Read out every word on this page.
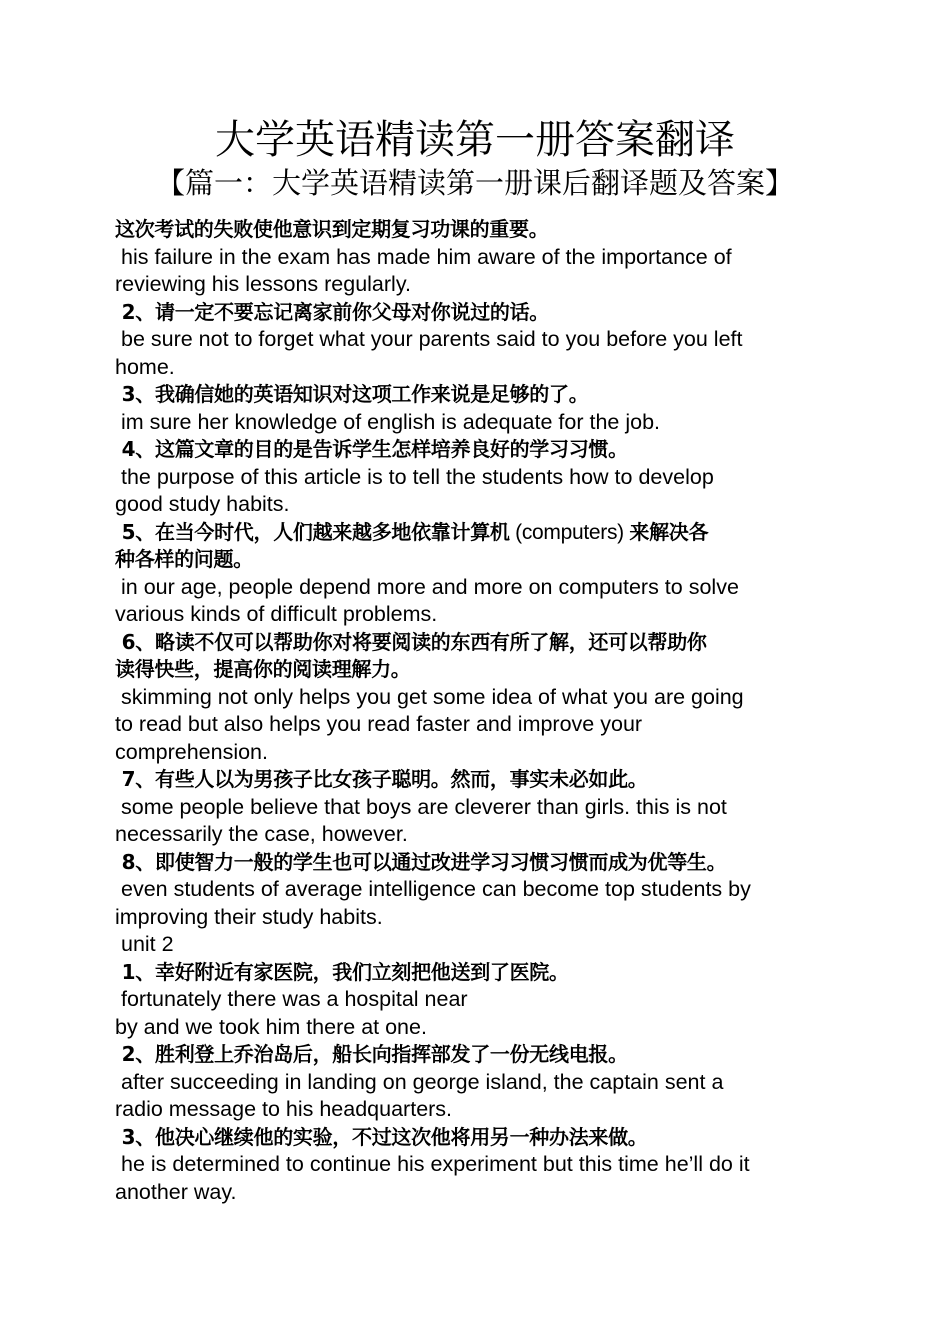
大学英语精读第一册答案翻译
【篇一：大学英语精读第一册课后翻译题及答案】
这次考试的失败使他意识到定期复习功课的重要。
his failure in the exam has made him aware of the importance of
reviewing his lessons regularly.
2、请一定不要忘记离家前你父母对你说过的话。
be sure not to forget what your parents said to you before you left
home.
3、我确信她的英语知识对这项工作来说是足够的了。
im sure her knowledge of english is adequate for the job.
4、这篇文章的目的是告诉学生怎样培养良好的学习习惯。
the purpose of this article is to tell the students how to develop
good study habits.
5、在当今时代，人们越来越多地依靠计算机 (computers) 来解决各
种各样的问题。
in our age, people depend more and more on computers to solve
various kinds of difficult problems.
6、略读不仅可以帮助你对将要阅读的东西有所了解，还可以帮助你
读得快些，提高你的阅读理解力。
skimming not only helps you get some idea of what you are going
to read but also helps you read faster and improve your
comprehension.
7、有些人以为男孩子比女孩子聪明。然而，事实未必如此。
some people believe that boys are cleverer than girls. this is not
necessarily the case, however.
8、即使智力一般的学生也可以通过改进学习习惯习惯而成为优等生。
even students of average intelligence can become top students by
improving their study habits.
unit 2
1、幸好附近有家医院，我们立刻把他送到了医院。
fortunately there was a hospital near
by and we took him there at one.
2、胜利登上乔治岛后，船长向指挥部发了一份无线电报。
after succeeding in landing on george island, the captain sent a
radio message to his headquarters.
3、他决心继续他的实验，不过这次他将用另一种办法来做。
he is determined to continue his experiment but this time he’ll do it
another way.
